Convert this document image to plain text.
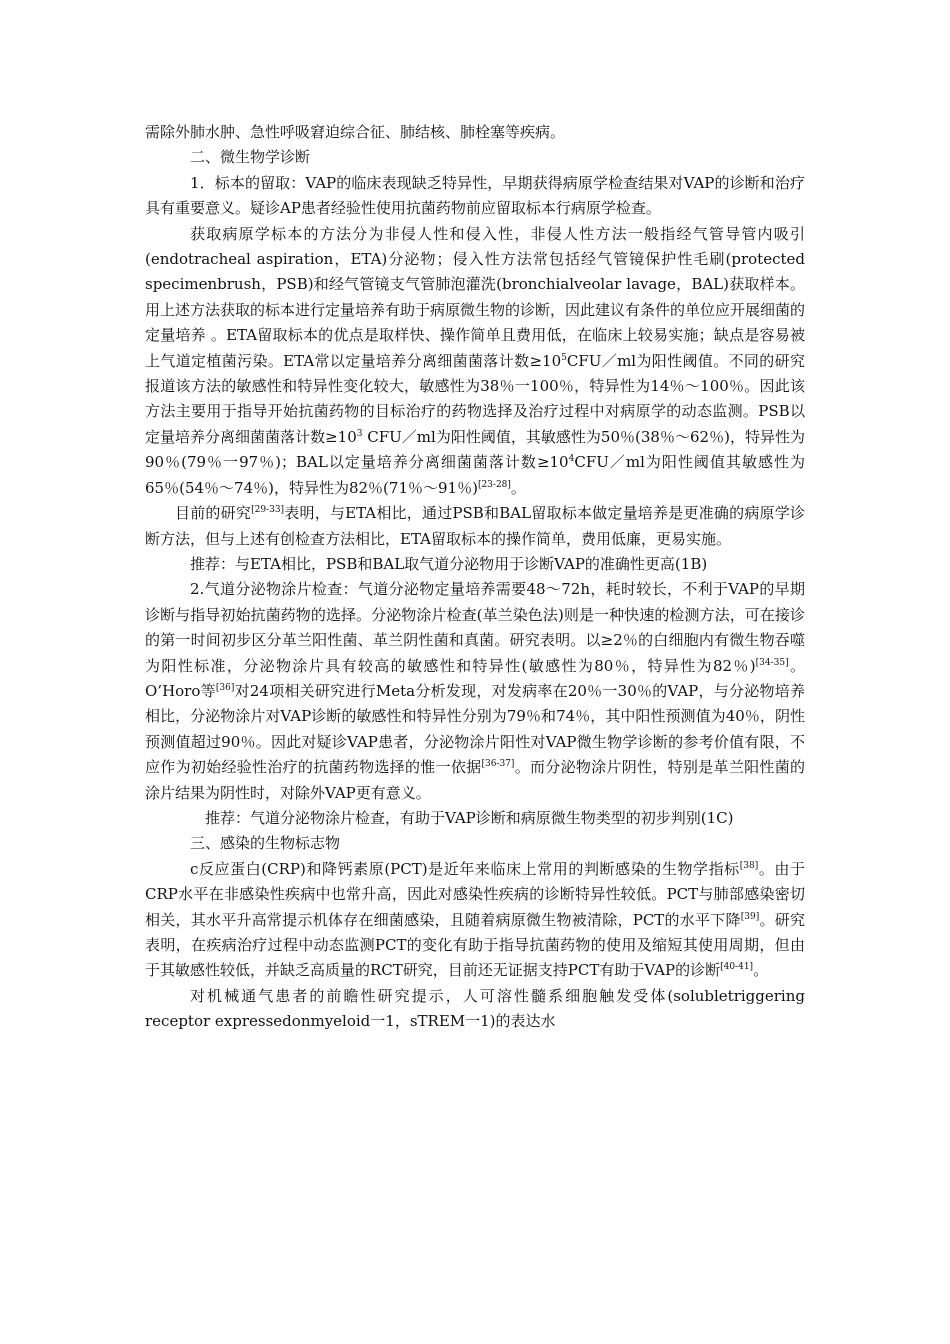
需除外肺水肿、急性呼吸窘迫综合征、肺结核、肺栓塞等疾病。

二、微生物学诊断

1．标本的留取：VAP的临床表现缺乏特异性，早期获得病原学检查结果对VAP的诊断和治疗具有重要意义。疑诊AP患者经验性使用抗菌药物前应留取标本行病原学检查。

获取病原学标本的方法分为非侵人性和侵入性，非侵人性方法一般指经气管导管内吸引(endotracheal aspiration，ETA)分泌物；侵入性方法常包括经气管镜保护性毛刷(protected specimenbrush，PSB)和经气管镜支气管肺泡灌洗(bronchialveolar lavage，BAL)获取样本。用上述方法获取的标本进行定量培养有助于病原微生物的诊断，因此建议有条件的单位应开展细菌的定量培养 。ETA留取标本的优点是取样快、操作简单且费用低，在临床上较易实施；缺点是容易被上气道定植菌污染。ETA常以定量培养分离细菌菌落计数$\ge 10^5CFU/ml$为阳性阈值。不同的研究报道该方法的敏感性和特异性变化较大，敏感性为38％一100％，特异性为14％～100％。因此该方法主要用于指导开始抗菌药物的目标治疗的药物选择及治疗过程中对病原学的动态监测。PSB以定量培养分离细菌菌落计数$\ge 10^3$ CFU／ml为阳性阈值，其敏感性为50％(38％～62％)，特异性为90％(79％一97％)；BAL以定量培养分离细菌菌落计数$\ge 10^4CFU/ml$为阳性阈值其敏感性为65％(54％～74％)，特异性为82％(71％～91％)[23-28]。

目前的研究[29-33]表明，与ETA相比，通过PSB和BAL留取标本做定量培养是更准确的病原学诊断方法，但与上述有创检查方法相比，ETA留取标本的操作简单，费用低廉，更易实施。

推荐：与ETA相比，PSB和BAL取气道分泌物用于诊断VAP的准确性更高(1B)

2.气道分泌物涂片检查：气道分泌物定量培养需要48～72h，耗时较长，不利于VAP的早期诊断与指导初始抗菌药物的选择。分泌物涂片检查(革兰染色法)则是一种快速的检测方法，可在接诊的第一时间初步区分革兰阳性菌、革兰阴性菌和真菌。研究表明。以≥2％的白细胞内有微生物吞噬为阳性标准，分泌物涂片具有较高的敏感性和特异性(敏感性为80％，特异性为82％)[34-35]。O’Horo等[36]对24项相关研究进行Meta分析发现，对发病率在20％一30％的VAP，与分泌物培养相比，分泌物涂片对VAP诊断的敏感性和特异性分别为79％和74％，其中阳性预测值为40％，阴性预测值超过90％。因此对疑诊VAP患者，分泌物涂片阳性对VAP微生物学诊断的参考价值有限，不应作为初始经验性治疗的抗菌药物选择的惟一依据[36-37]。而分泌物涂片阴性，特别是革兰阳性菌的涂片结果为阴性时，对除外VAP更有意义。

推荐：气道分泌物涂片检查，有助于VAP诊断和病原微生物类型的初步判别(1C)

三、感染的生物标志物

c反应蛋白(CRP)和降钙素原(PCT)是近年来临床上常用的判断感染的生物学指标[38]。由于CRP水平在非感染性疾病中也常升高，因此对感染性疾病的诊断特异性较低。PCT与肺部感染密切相关，其水平升高常提示机体存在细菌感染，且随着病原微生物被清除，PCT的水平下降[39]。研究表明，在疾病治疗过程中动态监测PCT的变化有助于指导抗菌药物的使用及缩短其使用周期，但由于其敏感性较低，并缺乏高质量的RCT研究，目前还无证据支持PCT有助于VAP的诊断[40-41]。

对机械通气患者的前瞻性研究提示，人可溶性髓系细胞触发受体(solubletriggering receptor expressedonmyeloid一1，sTREM一1)的表达水
